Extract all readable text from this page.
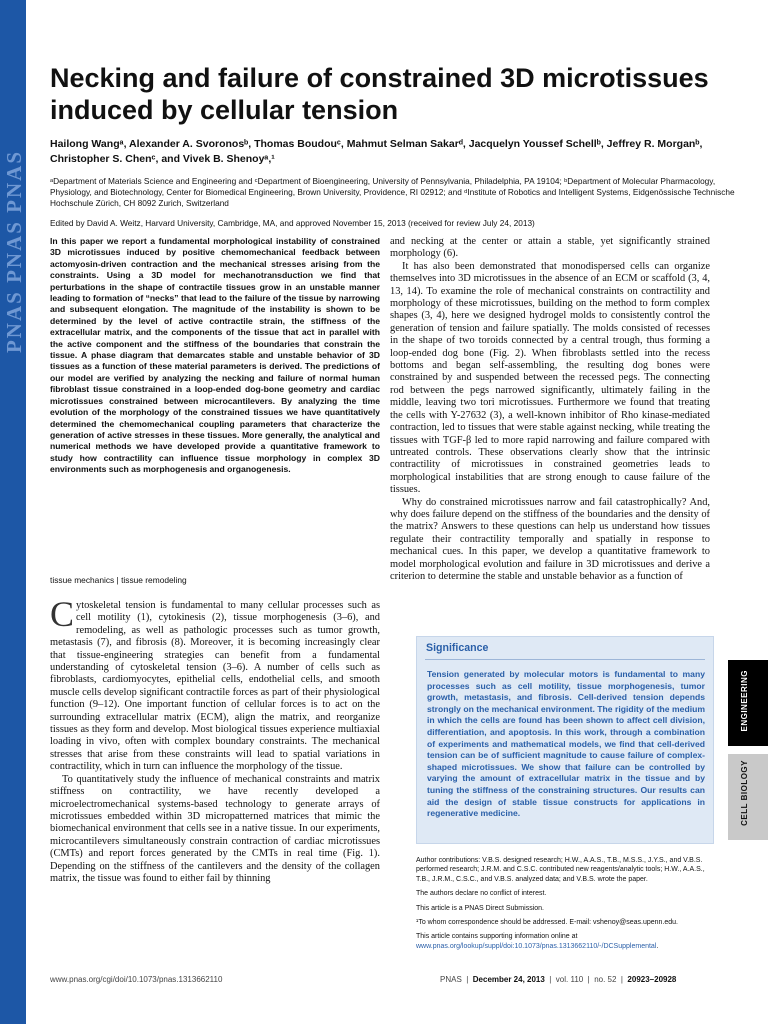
PNAS PNAS PNAS
Necking and failure of constrained 3D microtissues induced by cellular tension
Hailong Wangᵃ, Alexander A. Svoronosᵇ, Thomas Boudouᶜ, Mahmut Selman Sakarᵈ, Jacquelyn Youssef Schellᵇ, Jeffrey R. Morganᵇ, Christopher S. Chenᶜ, and Vivek B. Shenoyᵃ,¹
ᵃDepartment of Materials Science and Engineering and ᶜDepartment of Bioengineering, University of Pennsylvania, Philadelphia, PA 19104; ᵇDepartment of Molecular Pharmacology, Physiology, and Biotechnology, Center for Biomedical Engineering, Brown University, Providence, RI 02912; and ᵈInstitute of Robotics and Intelligent Systems, Eidgenössische Technische Hochschule Zürich, CH 8092 Zurich, Switzerland
Edited by David A. Weitz, Harvard University, Cambridge, MA, and approved November 15, 2013 (received for review July 24, 2013)
In this paper we report a fundamental morphological instability of constrained 3D microtissues induced by positive chemomechanical feedback between actomyosin-driven contraction and the mechanical stresses arising from the constraints. Using a 3D model for mechanotransduction we find that perturbations in the shape of contractile tissues grow in an unstable manner leading to formation of “necks” that lead to the failure of the tissue by narrowing and subsequent elongation. The magnitude of the instability is shown to be determined by the level of active contractile strain, the stiffness of the extracellular matrix, and the components of the tissue that act in parallel with the active component and the stiffness of the boundaries that constrain the tissue. A phase diagram that demarcates stable and unstable behavior of 3D tissues as a function of these material parameters is derived. The predictions of our model are verified by analyzing the necking and failure of normal human fibroblast tissue constrained in a loop-ended dog-bone geometry and cardiac microtissues constrained between microcantilevers. By analyzing the time evolution of the morphology of the constrained tissues we have quantitatively determined the chemomechanical coupling parameters that characterize the generation of active stresses in these tissues. More generally, the analytical and numerical methods we have developed provide a quantitative framework to study how contractility can influence tissue morphology in complex 3D environments such as morphogenesis and organogenesis.
tissue mechanics | tissue remodeling

Cytoskeletal tension is fundamental to many cellular processes such as cell motility (1), cytokinesis (2), tissue morphogenesis (3–6), and remodeling, as well as pathologic processes such as tumor growth, metastasis (7), and fibrosis (8). Moreover, it is becoming increasingly clear that tissue-engineering strategies can benefit from a fundamental understanding of cytoskeletal tension (3–6). A number of cells such as fibroblasts, cardiomyocytes, epithelial cells, endothelial cells, and smooth muscle cells develop significant contractile forces as part of their physiological function (9–12). One important function of cellular forces is to act on the surrounding extracellular matrix (ECM), align the matrix, and reorganize tissues as they form and develop. Most biological tissues experience multiaxial loading in vivo, often with complex boundary constraints. The mechanical stresses that arise from these constraints will lead to spatial variations in contractility, which in turn can influence the morphology of the tissue.

To quantitatively study the influence of mechanical constraints and matrix stiffness on contractility, we have recently developed a microelectromechanical systems-based technology to generate arrays of microtissues embedded within 3D micropatterned matrices that mimic the biomechanical environment that cells see in a native tissue. In our experiments, microcantilevers simultaneously constrain contraction of cardiac microtissues (CMTs) and report forces generated by the CMTs in real time (Fig. 1). Depending on the stiffness of the cantilevers and the density of the collagen matrix, the tissue was found to either fail by thinning

and necking at the center or attain a stable, yet significantly strained morphology (6).

It has also been demonstrated that monodispersed cells can organize themselves into 3D microtissues in the absence of an ECM or scaffold (3, 4, 13, 14). To examine the role of mechanical constraints on contractility and morphology of these microtissues, building on the method to form complex shapes (3, 4), here we designed hydrogel molds to consistently control the generation of tension and failure spatially. The molds consisted of recesses in the shape of two toroids connected by a central trough, thus forming a loop-ended dog bone (Fig. 2). When fibroblasts settled into the recess bottoms and began self-assembling, the resulting dog bones were constrained by and suspended between the recessed pegs. The connecting rod between the pegs narrowed significantly, ultimately failing in the middle, leaving two tori microtissues. Furthermore we found that treating the cells with Y-27632 (3), a well-known inhibitor of Rho kinase-mediated contraction, led to tissues that were stable against necking, while treating the tissues with TGF-β led to more rapid narrowing and failure compared with untreated controls. These observations clearly show that the intrinsic contractility of microtissues in constrained geometries leads to morphological instabilities that are strong enough to cause failure of the tissues.

Why do constrained microtissues narrow and fail catastrophically? And, why does failure depend on the stiffness of the boundaries and the density of the matrix? Answers to these questions can help us understand how tissues regulate their contractility temporally and spatially in response to mechanical cues. In this paper, we develop a quantitative framework to model morphological evolution and failure in 3D microtissues and derive a criterion to determine the stable and unstable behavior as a function of

Significance
Tension generated by molecular motors is fundamental to many processes such as cell motility, tissue morphogenesis, tumor growth, metastasis, and fibrosis. Cell-derived tension depends strongly on the mechanical environment. The rigidity of the medium in which the cells are found has been shown to affect cell division, differentiation, and apoptosis. In this work, through a combination of experiments and mathematical models, we find that cell-derived tension can be of sufficient magnitude to cause failure of complex-shaped microtissues. We show that failure can be controlled by varying the amount of extracellular matrix in the tissue and by tuning the stiffness of the constraining structures. Our results can aid the design of stable tissue constructs for applications in regenerative medicine.

Author contributions: V.B.S. designed research; H.W., A.A.S., T.B., M.S.S., J.Y.S., and V.B.S. performed research; J.R.M. and C.S.C. contributed new reagents/analytic tools; H.W., A.A.S., T.B., J.R.M., C.S.C., and V.B.S. analyzed data; and V.B.S. wrote the paper.

The authors declare no conflict of interest.

This article is a PNAS Direct Submission.

¹To whom correspondence should be addressed. E-mail: vshenoy@seas.upenn.edu.

This article contains supporting information online at www.pnas.org/lookup/suppl/doi:10.1073/pnas.1313662110/-/DCSupplemental.

ENGINEERING
CELL BIOLOGY
www.pnas.org/cgi/doi/10.1073/pnas.1313662110	PNAS  |  December 24, 2013  |  vol. 110  |  no. 52  |  20923–20928
